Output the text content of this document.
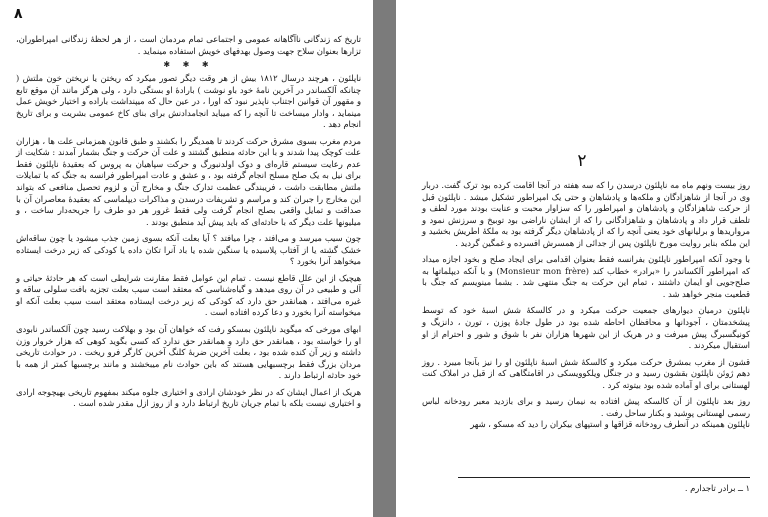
۸

تاریخ که زندگانی ناآگاهانه عمومی و اجتماعی تمام مردمان است ، از هر لحظهٔ زندگانی امپراطوران، تزارها بعنوان سلاح جهت وصول بهدفهای خویش استفاده مینماید .

✱ ✱ ✱

ناپلئون ، هرچند درسال ۱۸۱۲ بیش از هر وقت دیگر تصور میکرد که ریختن یا نریختن خون ملتش ( چنانکه آلکساندر در آخرین نامهٔ خود باو نوشت ) بارادهٔ او بستگی دارد ، ولی هرگز مانند آن موقع تابع و مقهور آن قوانین اجتناب ناپذیر نبود که اورا ، در عین حال که میپنداشت باراده و اختیار خویش عمل مینماید ، وادار میساخت تا آنچه را که میباید انجامدادنش برای بنای کاخ عمومی بشریت و برای تاریخ انجام دهد .

مردم مغرب بسوی مشرق حرکت کردند تا همدیگر را بکشند و طبق قانون همزمانی علت ها ، هزاران علت کوچک پیدا شدند و با این حادثه منطبق گشتند و علت آن حرکت و جنگ بشمار آمدند : شکایت از عدم رعایت سیستم قاره‌ای و دوک اولدنبورگ و حرکت سپاهیان به پروس که بعقیدهٔ ناپلئون فقط برای نیل به یک صلح مسلح انجام گرفته بود ، و عشق و عادت امپراطور فرانسه به جنگ که با تمایلات ملتش مطابقت داشت ، فریبندگی عظمت تدارک جنگ و مخارج آن و لزوم تحصیل منافعی که بتواند این مخارج را جبران کند و مراسم و تشریفات درسدن و مذاکرات دیپلماسی که بعقیدهٔ معاصران آن با صداقت و تمایل واقعی بصلح انجام گرفت ولی فقط غرور هر دو طرف را جریحه‌دار ساخت ، و میلیونها علت دیگر که با حادثه‌ای که باید پیش آید منطبق بودند .

چون سیب میرسد و می‌افتد ، چرا میافتد ؟ آیا بعلت آنکه بسوی زمین جذب میشود یا چون ساقه‌اش خشک گشته یا از آفتاب پلاسیده یا سنگین شده یا باد آنرا تکان داده یا کودکی که زیر درخت ایستاده میخواهد آنرا بخورد ؟

هیچیک از این علل قاطع نیست . تمام این عوامل فقط مقارنت شرایطی است که هر حادثهٔ حیاتی و آلی و طبیعی در آن روی میدهد و گیاه‌شناسی که معتقد است سیب بعلت تجزیه بافت سلولی ساقه و غیره می‌افتد ، همانقدر حق دارد که کودکی که زیر درخت ایستاده معتقد است سیب بعلت آنکه او میخواسته آنرا بخورد و دعا کرده افتاده است .

ابهای مورخی که میگوید ناپلئون بمسکو رفت که خواهان آن بود و بهلاکت رسید چون آلکساندر نابودی او را خواسته بود ، همانقدر حق دارد و همانقدر حق ندارد که کسی بگوید کوهی که هزار خروار وزن داشته و زیر آن کنده شده بود ، بعلت آخرین ضربهٔ کلنگ آخرین کارگر فرو ریخت . در حوادث تاریخی مردان بزرگ فقط برچسبهایی هستند که باین حوادث نام میبخشند و مانند برچسبها کمتر از همه با خود حادثه ارتباط دارند .

هریک از اعمال ایشان که در نظر خودشان ارادی و اختیاری جلوه میکند بمفهوم تاریخی بهیچوجه ارادی و اختیاری نیست بلکه با تمام جریان تاریخ ارتباط دارد و از روز ازل مقدر شده است .

۲

روز بیست ونهم ماه مه ناپلئون درسدن را که سه هفته در آنجا اقامت کرده بود ترک گفت. دربار وی در آنجا از شاهزادگان و ملکه‌ها و پادشاهان و حتی یک امپراطور تشکیل میشد . ناپلئون قبل از حرکت شاهزادگان و پادشاهان و امپراطور را که سزاوار محبت و عنایت بودند مورد لطف و تلطف قرار داد و پادشاهان و شاهزادگانی را که از ایشان ناراضی بود توبیخ و سرزنش نمود و مرواریدها و برلیانهای خود یعنی آنچه را که از پادشاهان دیگر گرفته بود به ملکهٔ اطریش بخشید و این ملکه بنابر روایت مورخ ناپلئون پس از جدائی از همسرش افسرده و غمگین گردید .

با وجود آنکه امپراطور ناپلئون بفرانسه فقط بعنوان اقدامی برای ایجاد صلح و بخود اجازه میداد که امپراطور آلکساندر را «برادر» خطاب کند (Monsieur mon frère) و با آنکه دیپلماتها به صلح‌جویی او ایمان داشتند ، تمام این حرکت به جنگ منتهی شد . بشما مینویسم که جنگ با قطعیت منجر خواهد شد .

ناپلئون درمیان دیوارهای جمعیت حرکت میکرد و در کالسکهٔ شش اسبهٔ خود که توسط پیشخدمتان ، آجودانها و محافظان احاطه شده بود در طول جادهٔ پوزن ، تورن ، دانزیگ و کونیگسبرگ پیش میرفت و در هریک از این شهرها هزاران نفر با شوق و شور و احترام از او استقبال میکردند .

قشون از مغرب بمشرق حرکت میکرد و کالسکهٔ شش اسبهٔ ناپلئون او را نیز بآنجا میبرد . روز دهم ژوئن ناپلئون بقشون رسید و در جنگل ویلکوویسکی در اقامتگاهی که از قبل در املاک کنت لهستانی برای او آماده شده بود بیتوته کرد .

روز بعد ناپلئون از آن کالسکه پیش افتاده به نیمان رسید و برای بازدید معبر رودخانه لباس رسمی لهستانی پوشید و بکنار ساحل رفت .

ناپلئون همینکه در آنطرف رودخانه قزاقها و استپهای بیکران را دید که مسکو ، شهر

۱ ــ برادر تاجدارم .
